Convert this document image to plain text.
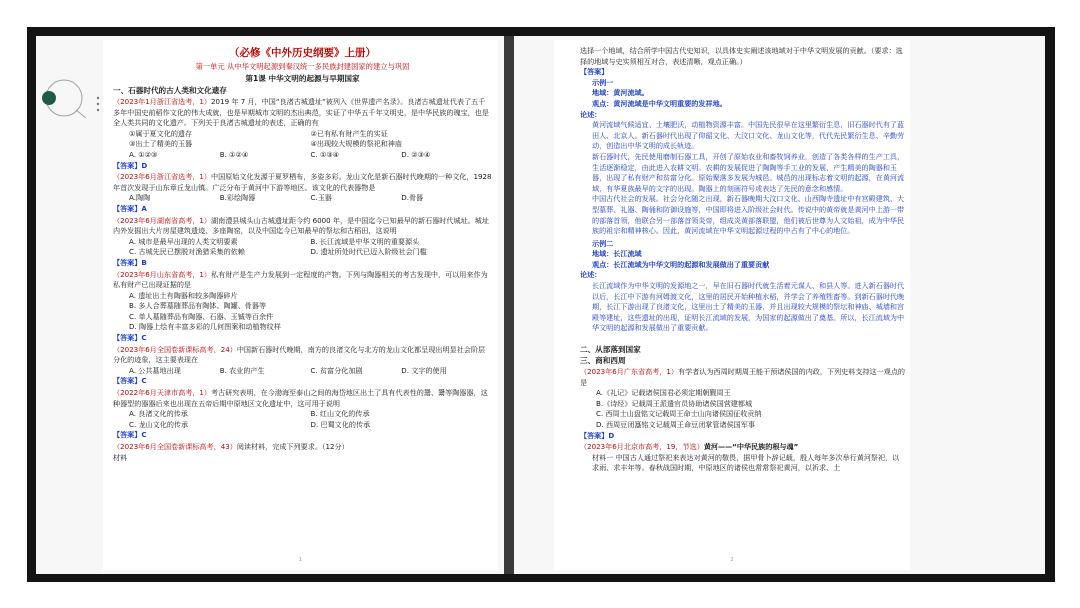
（必修《中外历史纲要》上册）
第一单元 从中华文明起源到秦汉统一多民族封建国家的建立与巩固
第1课 中华文明的起源与早期国家
一、石器时代的古人类和文化遗存
（2023年1月浙江省选考，1）2019 年 7 月，中国“良渚古城遗址”被列入《世界遗产名录》。良渚古城遗址代表了五千多年中国史前稻作文化的伟大成就，也是早期城市文明的杰出典范，实证了中华五千年文明史，是中华民族的瑰宝，也是全人类共同的文化遗产。下列关于良渚古城遗址的表述，正确的有
①属于夏文化的遗存	②已有私有财产生的实证
③出土了精美的玉器	④出现较大规模的祭祀和神庙
A. ①②③	B. ①②④	C. ①③④	D. ②③④
【答案】D
（2023年6月浙江省选考，1）中国原始文化发源于夏罗栖布，多姿多彩。龙山文化是新石器时代晚期的一种文化，1928 年首次发现于山东章丘龙山镇。广泛分布于黄河中下游等地区。该文化的代表器物是
A.陶陶	B.彩绘陶器	C.玉器	D.骨器
【答案】A
（2023年6月湖南省高考，1）湖南澧县城头山古城遗址距今约 6000 年，是中国迄今已知最早的新石器时代城址。城址内外发掘出大片房屋建筑遗迹、多座陶窑，以及中国迄今已知最早的祭坛和古稻田，这说明
A. 城市是最早出现的人类文明要素	B. 长江流域是中华文明的重要源头
C. 古城先民已摆脱对渔猎采集的依赖	D. 遗址所处时代已迈入阶级社会门槛
【答案】B
（2023年6月山东省高考，1）私有财产是生产力发展到一定程度的产物。下列与陶器相关的考古发现中，可以用来作为私有财产已出现证据的是
A. 遗址出土有陶器和较多陶器碎片
B. 多人合葬墓随葬品有陶钵、陶罐、骨器等
C. 单人墓随葬品有陶器、石器、玉铖等百余件
D. 陶器上绘有丰富多彩的几何图案和动植物纹样
【答案】C
（2023年6月全国卷新课标高考，24）中国新石器时代晚期，南方的良渚文化与北方的龙山文化都呈现出明显社会阶层分化的迹象，这主要表现在
A. 公共墓地出现	B. 农业的产生	C. 贫富分化加剧	D. 文字的使用
【答案】C
（2022年6月天津市高考，1）考古研究表明，在今渤海至泰山之间的海岱地区出土了具有代表性的鬶、鬹等陶器器，这种器型的器器后来也出现在五帝后期中原地区文化遗址中，这可用于说明
A. 良渚文化的传承	B. 红山文化的传承
C. 龙山文化的传承	D. 巴蜀文化的传承
【答案】C
（2023年6月全国卷新课标高考，43）阅读材料，完成下列要求。（12分）
材料
1
选择一个地域，结合所学中国古代史知识，以具体史实阐述该地域对于中华文明发展的贡献。（要求：选择的地域与史实须相互对合，表述清晰，观点正确。）
【答案】
示例一
地域：黄河流域。
观点：黄河流域是中华文明重要的发祥地。
论述：
黄河流域气候适宜、土壤肥沃，动植物资源丰富。中国先民很早在这里繁衍生息，旧石器时代有了蓝田人、北京人。新石器时代出现了仰韶文化、大汶口文化、龙山文化等，代代先民繁衍生息、辛勤劳动，创造出中华文明的成长轨迹。
新石器时代，先民使用磨制石器工具，开创了原始农业和畜牧饲养业，创造了各类各样的生产工具，生活逐渐稳定，由此进入农耕文明。农耕的发展促进了陶陶等手工业的发展，产生精美的陶器和玉器，出现了私有财产和贫富分化。原始聚落多发展为城邑。城邑的出现标志着文明的起源，在黄河流域，有华夏族最早的文字的出现。陶器上的刻画符号或表达了先民的意念和感情。
中国古代社会的发展。社会分化随之出现，新石器晚期大汶口文化、山西陶寺遗址中有宫殿建筑、大型墓葬、礼器、陶俑和防御设施等，中国即将进入阶级社会时代。传说中的黄帝就是黄河中上游一带的部落首领，他联合另一部落首领炎帝，组成炎黄部落联盟，他们被后世尊为人文始祖，成为中华民族的祖宗和精神核心。因此，黄河流域在中华文明起源过程的中占有了中心的地位。
示例二
地域：长江流域
观点：长江流域为中华文明的起源和发展做出了重要贡献
论述：
长江流域作为中华文明的发源地之一，早在旧石器时代就生活着元谋人、和县人等。进入新石器时代以后，长江中下游有河姆渡文化，这里的居民开始种植水稻，并学会了养殖牲畜等。到新石器时代晚期，长江下游出现了良渚文化，这里出土了精美的玉器，并且出现较大规模的祭坛和神庙、城墙和宫殿等建址，这些遗址的出现，证明长江流域的发展，为国家的起源做出了奠基。所以，长江流域为中华文明的起源和发展做出了重要贡献。
二、从部落到国家
三、商和西周
（2023年6月广东省高考，1）有学者认为西周时期周王能干预诸侯国的内政，下列史料支持这一观点的是
A.《礼记》记载诸侯国君必须定期朝觐周王
B.《诗经》记载周王派遣官员协助诸侯国营建都城
C. 西周士山盘铭文记载周王命士山向诸侯国征收贡纳
D. 西周豆闭簋铭文记载周王命豆闭掌管诸侯国军事
【答案】D
（2023年6月北京市高考，19，节选）黄河——“中华民族的根与魂”
材料一 中国古人通过祭祀来表达对黄河的敬畏，据甲骨卜辞记载，殷人每年多次举行黄河祭祀，以求雨、求丰年等。春秋战国时期，中原地区的诸侯也常常祭祀黄河，以祈求、土
2
